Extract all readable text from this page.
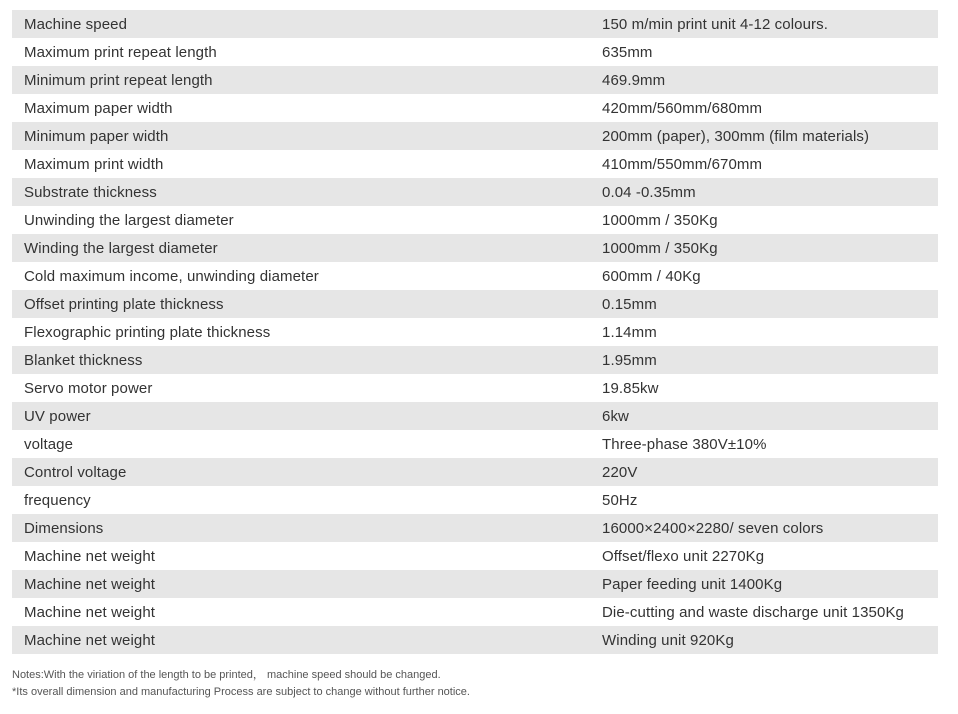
Machine speed	150 m/min print unit 4-12 colours.
Maximum print repeat length	635mm
Minimum print repeat length	469.9mm
Maximum paper width	420mm/560mm/680mm
Minimum paper width	200mm (paper), 300mm (film materials)
Maximum print width	410mm/550mm/670mm
Substrate thickness	0.04 -0.35mm
Unwinding the largest diameter	1000mm / 350Kg
Winding the largest diameter	1000mm / 350Kg
Cold maximum income, unwinding diameter	600mm / 40Kg
Offset printing plate thickness	0.15mm
Flexographic printing plate thickness	1.14mm
Blanket thickness	1.95mm
Servo motor power	19.85kw
UV power	6kw
voltage	Three-phase 380V±10%
Control voltage	220V
frequency	50Hz
Dimensions	16000×2400×2280/ seven colors
Machine net weight	Offset/flexo unit 2270Kg
Machine net weight	Paper feeding unit 1400Kg
Machine net weight	Die-cutting and waste discharge unit 1350Kg
Machine net weight	Winding unit 920Kg
Notes:With the viriation of the length to be printed， machine speed should be changed.
*Its overall dimension and manufacturing Process are subject to change without further notice.
